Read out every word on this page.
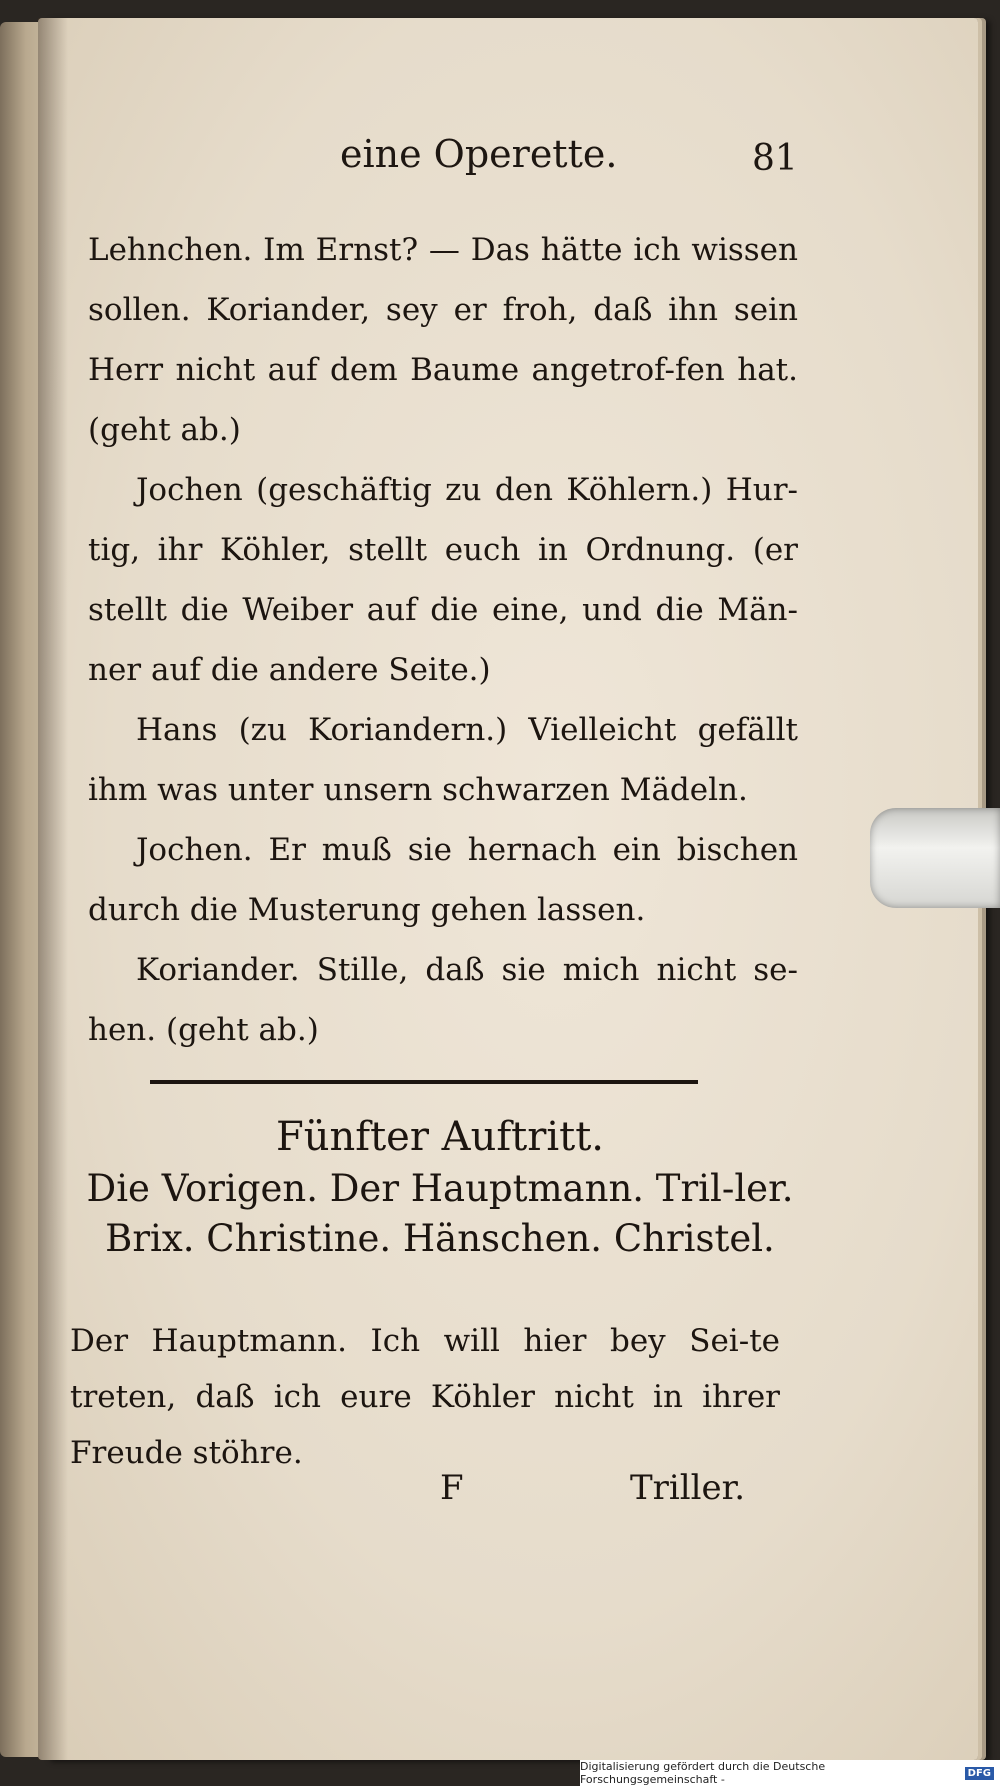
eine Operette.	81

Lehnchen. Im Ernst? — Das hätte ich wissen sollen. Koriander, sey er froh, daß ihn sein Herr nicht auf dem Baume angetrof-fen hat. (geht ab.)

Jochen (geschäftig zu den Köhlern.) Hur-tig, ihr Köhler, stellt euch in Ordnung. (er stellt die Weiber auf die eine, und die Män-ner auf die andere Seite.)

Hans (zu Koriandern.) Vielleicht gefällt ihm was unter unsern schwarzen Mädeln.

Jochen. Er muß sie hernach ein bischen durch die Musterung gehen lassen.

Koriander. Stille, daß sie mich nicht se-hen. (geht ab.)

Fünfter Auftritt.
Die Vorigen. Der Hauptmann. Tril-ler. Brix. Christine. Hänschen. Christel.
Der Hauptmann. Ich will hier bey Sei-te treten, daß ich eure Köhler nicht in ihrer Freude stöhre.
F	Triller.
Digitalisierung gefördert durch die Deutsche Forschungsgemeinschaft -	DFG
